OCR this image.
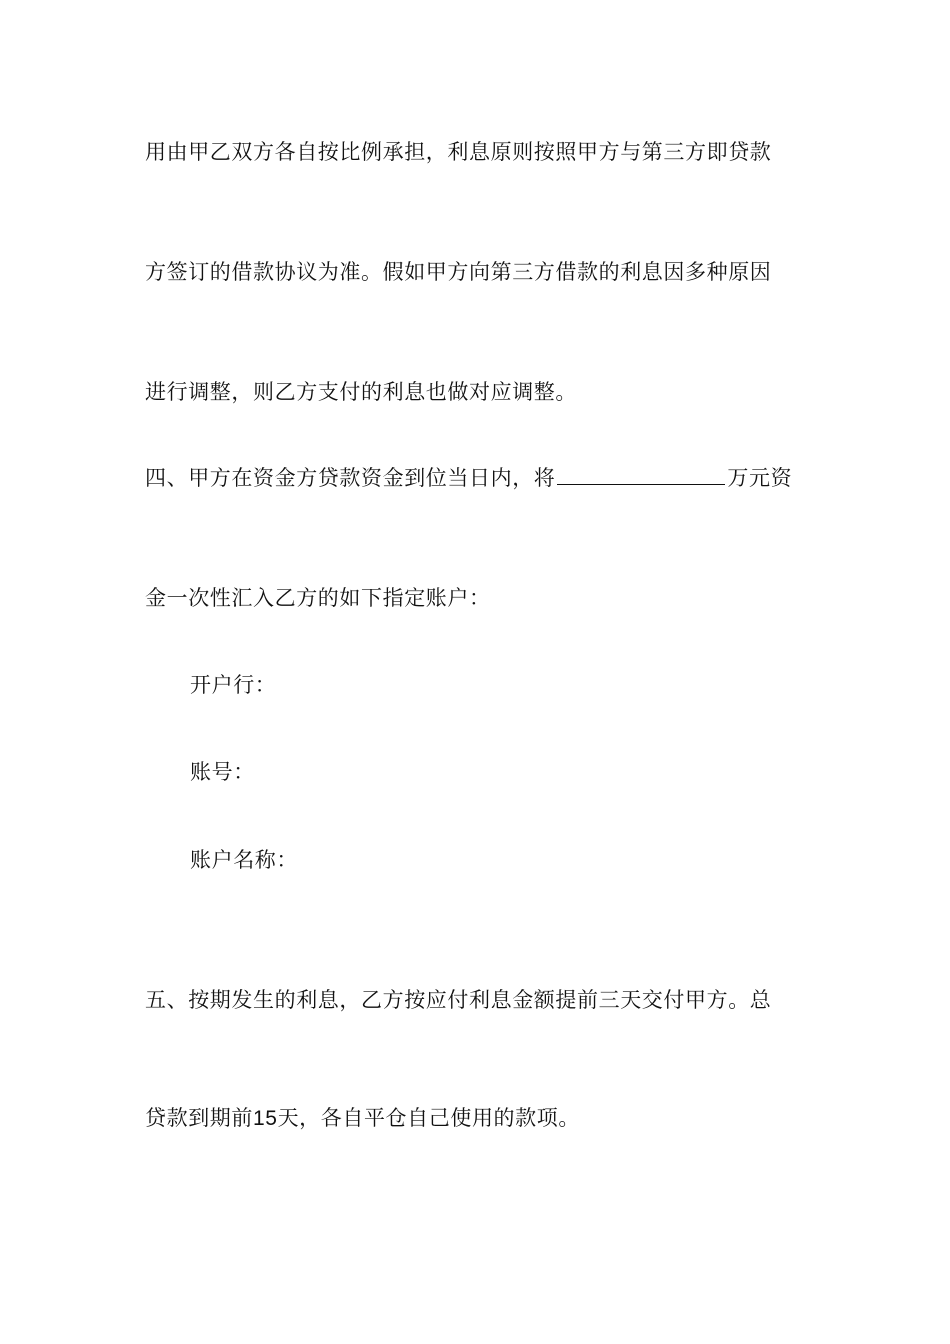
用由甲乙双方各自按比例承担，利息原则按照甲方与第三方即贷款
方签订的借款协议为准。假如甲方向第三方借款的利息因多种原因
进行调整，则乙方支付的利息也做对应调整。
四、甲方在资金方贷款资金到位当日内，将	万元资
金一次性汇入乙方的如下指定账户：
开户行：
账号：
账户名称：
五、按期发生的利息，乙方按应付利息金额提前三天交付甲方。总
贷款到期前15天，各自平仓自己使用的款项。
